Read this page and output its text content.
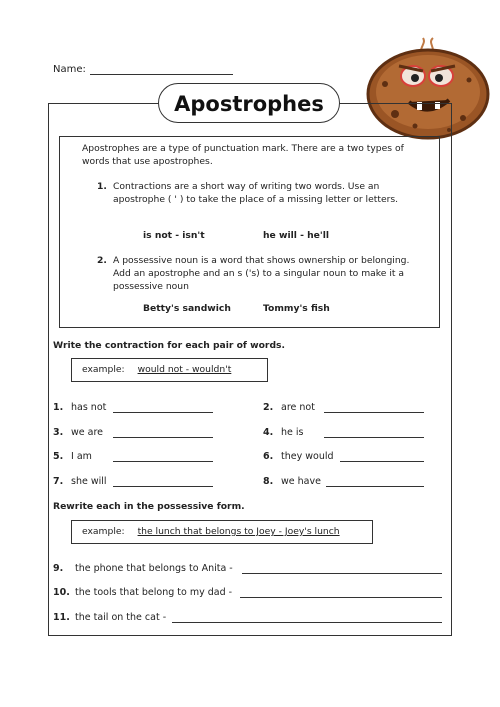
Name:
Apostrophes
Apostrophes are a type of punctuation mark. There are a two types of words that use apostrophes.
1. Contractions are a short way of writing two words. Use an apostrophe ( ' ) to take the place of a missing letter or letters.
is not - isn't	he will - he'll
2. A possessive noun is a word that shows ownership or belonging. Add an apostrophe and an s ('s) to a singular noun to make it a possessive noun
Betty's sandwich	Tommy's fish
Write the contraction for each pair of words.
example: would not - wouldn't
1. has not	2. are not
3. we are	4. he is
5. I am	6. they would
7. she will	8. we have
Rewrite each in the possessive form.
example: the lunch that belongs to Joey - Joey's lunch
9. the phone that belongs to Anita -
10. the tools that belong to my dad -
11. the tail on the cat -
